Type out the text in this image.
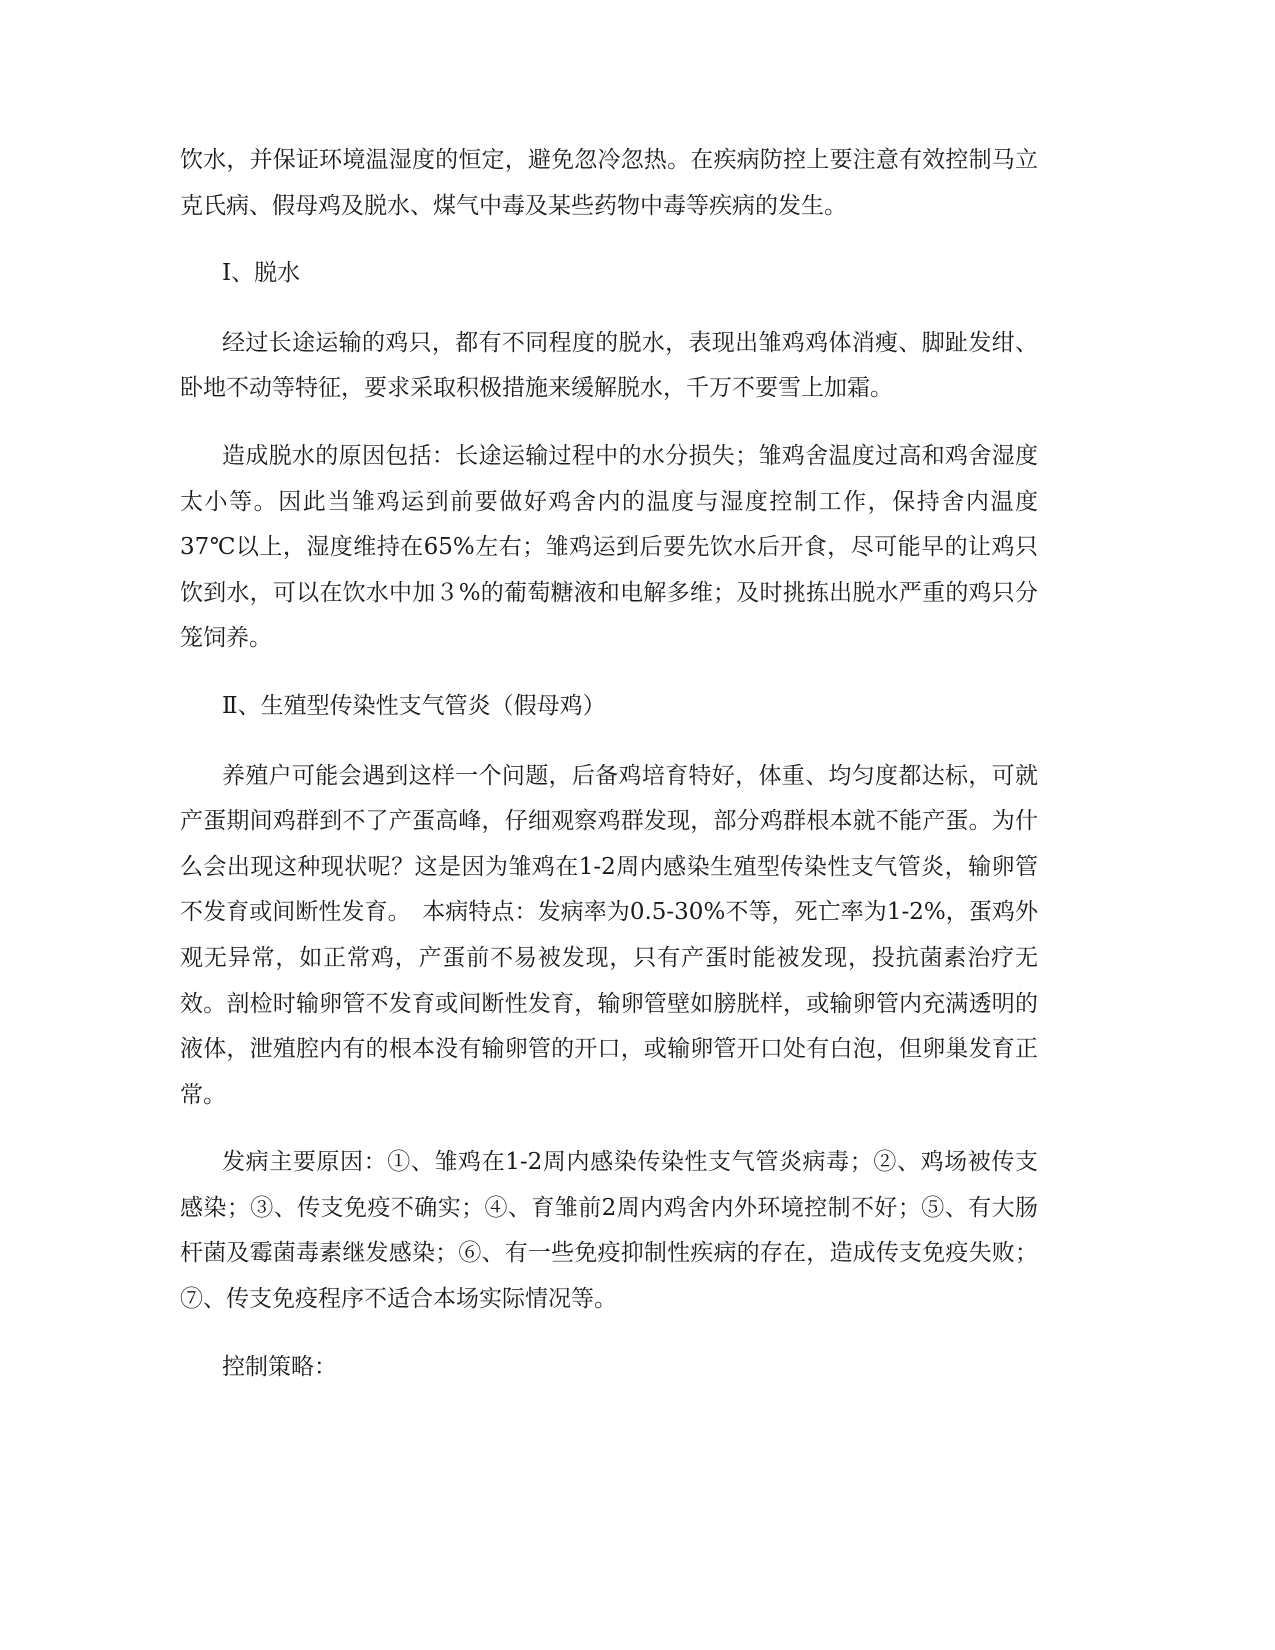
饮水，并保证环境温湿度的恒定，避免忽冷忽热。在疾病防控上要注意有效控制马立克氏病、假母鸡及脱水、煤气中毒及某些药物中毒等疾病的发生。

Ⅰ、脱水

经过长途运输的鸡只，都有不同程度的脱水，表现出雏鸡鸡体消瘦、脚趾发绀、卧地不动等特征，要求采取积极措施来缓解脱水，千万不要雪上加霜。

造成脱水的原因包括：长途运输过程中的水分损失；雏鸡舍温度过高和鸡舍湿度太小等。因此当雏鸡运到前要做好鸡舍内的温度与湿度控制工作，保持舍内温度37℃以上，湿度维持在65%左右；雏鸡运到后要先饮水后开食，尽可能早的让鸡只饮到水，可以在饮水中加３%的葡萄糖液和电解多维；及时挑拣出脱水严重的鸡只分笼饲养。

Ⅱ、生殖型传染性支气管炎（假母鸡）

养殖户可能会遇到这样一个问题，后备鸡培育特好，体重、均匀度都达标，可就产蛋期间鸡群到不了产蛋高峰，仔细观察鸡群发现，部分鸡群根本就不能产蛋。为什么会出现这种现状呢？这是因为雏鸡在1-2周内感染生殖型传染性支气管炎，输卵管不发育或间断性发育。　本病特点：发病率为0.5-30%不等，死亡率为1-2%，蛋鸡外观无异常，如正常鸡，产蛋前不易被发现，只有产蛋时能被发现，投抗菌素治疗无效。剖检时输卵管不发育或间断性发育，输卵管壁如膀胱样，或输卵管内充满透明的液体，泄殖腔内有的根本没有输卵管的开口，或输卵管开口处有白泡，但卵巢发育正常。

发病主要原因：①、雏鸡在1-2周内感染传染性支气管炎病毒；②、鸡场被传支感染；③、传支免疫不确实；④、育雏前2周内鸡舍内外环境控制不好；⑤、有大肠杆菌及霉菌毒素继发感染；⑥、有一些免疫抑制性疾病的存在，造成传支免疫失败；⑦、传支免疫程序不适合本场实际情况等。

控制策略：
